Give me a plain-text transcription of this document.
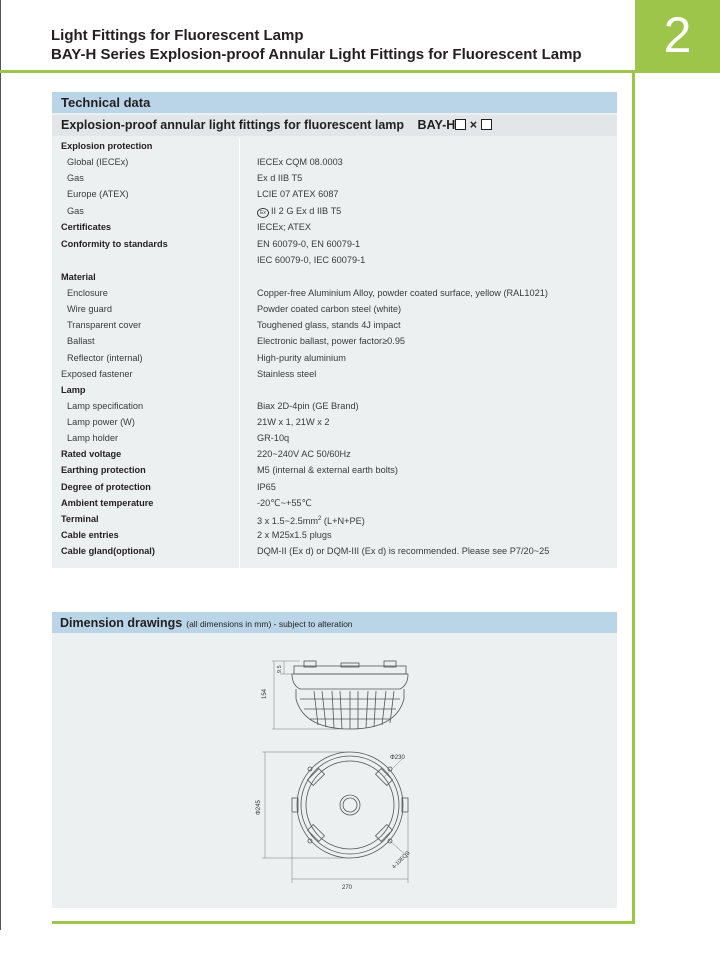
2
Light Fittings for Fluorescent Lamp
BAY-H Series Explosion-proof Annular Light Fittings for Fluorescent Lamp
Technical data
Explosion-proof annular light fittings for fluorescent lamp BAY-H ×
Explosion protection
Global (IECEx)	IECEx CQM 08.0003
Gas	Ex d IIB T5
Europe (ATEX)	LCIE 07 ATEX 6087
Gas	Ex II 2 G Ex d IIB T5
Certificates	IECEx; ATEX
Conformity to standards	EN 60079-0, EN 60079-1
IEC 60079-0, IEC 60079-1
Material
Enclosure	Copper-free Aluminium Alloy, powder coated surface, yellow (RAL1021)
Wire guard	Powder coated carbon steel (white)
Transparent cover	Toughened glass, stands 4J impact
Ballast	Electronic ballast, power factor≥0.95
Reflector (internal)	High-purity aluminium
Exposed fastener	Stainless steel
Lamp
Lamp specification	Biax 2D-4pin (GE Brand)
Lamp power (W)	21W x 1, 21W x 2
Lamp holder	GR-10q
Rated voltage	220~240V AC 50/60Hz
Earthing protection	M5 (internal & external earth bolts)
Degree of protection	IP65
Ambient temperature	-20℃~+55℃
Terminal	3 x $1.5\sim 2.5mm^2$ (L+N+PE)
Cable entries	2 x M25x1.5 plugs
Cable gland(optional)	DQM-II (Ex d) or DQM-III (Ex d) is recommended. Please see P7/20~25
Dimension drawings (all dimensions in mm) - subject to alteration
154
9.5
Φ230
Φ245
270
4-10EQS
